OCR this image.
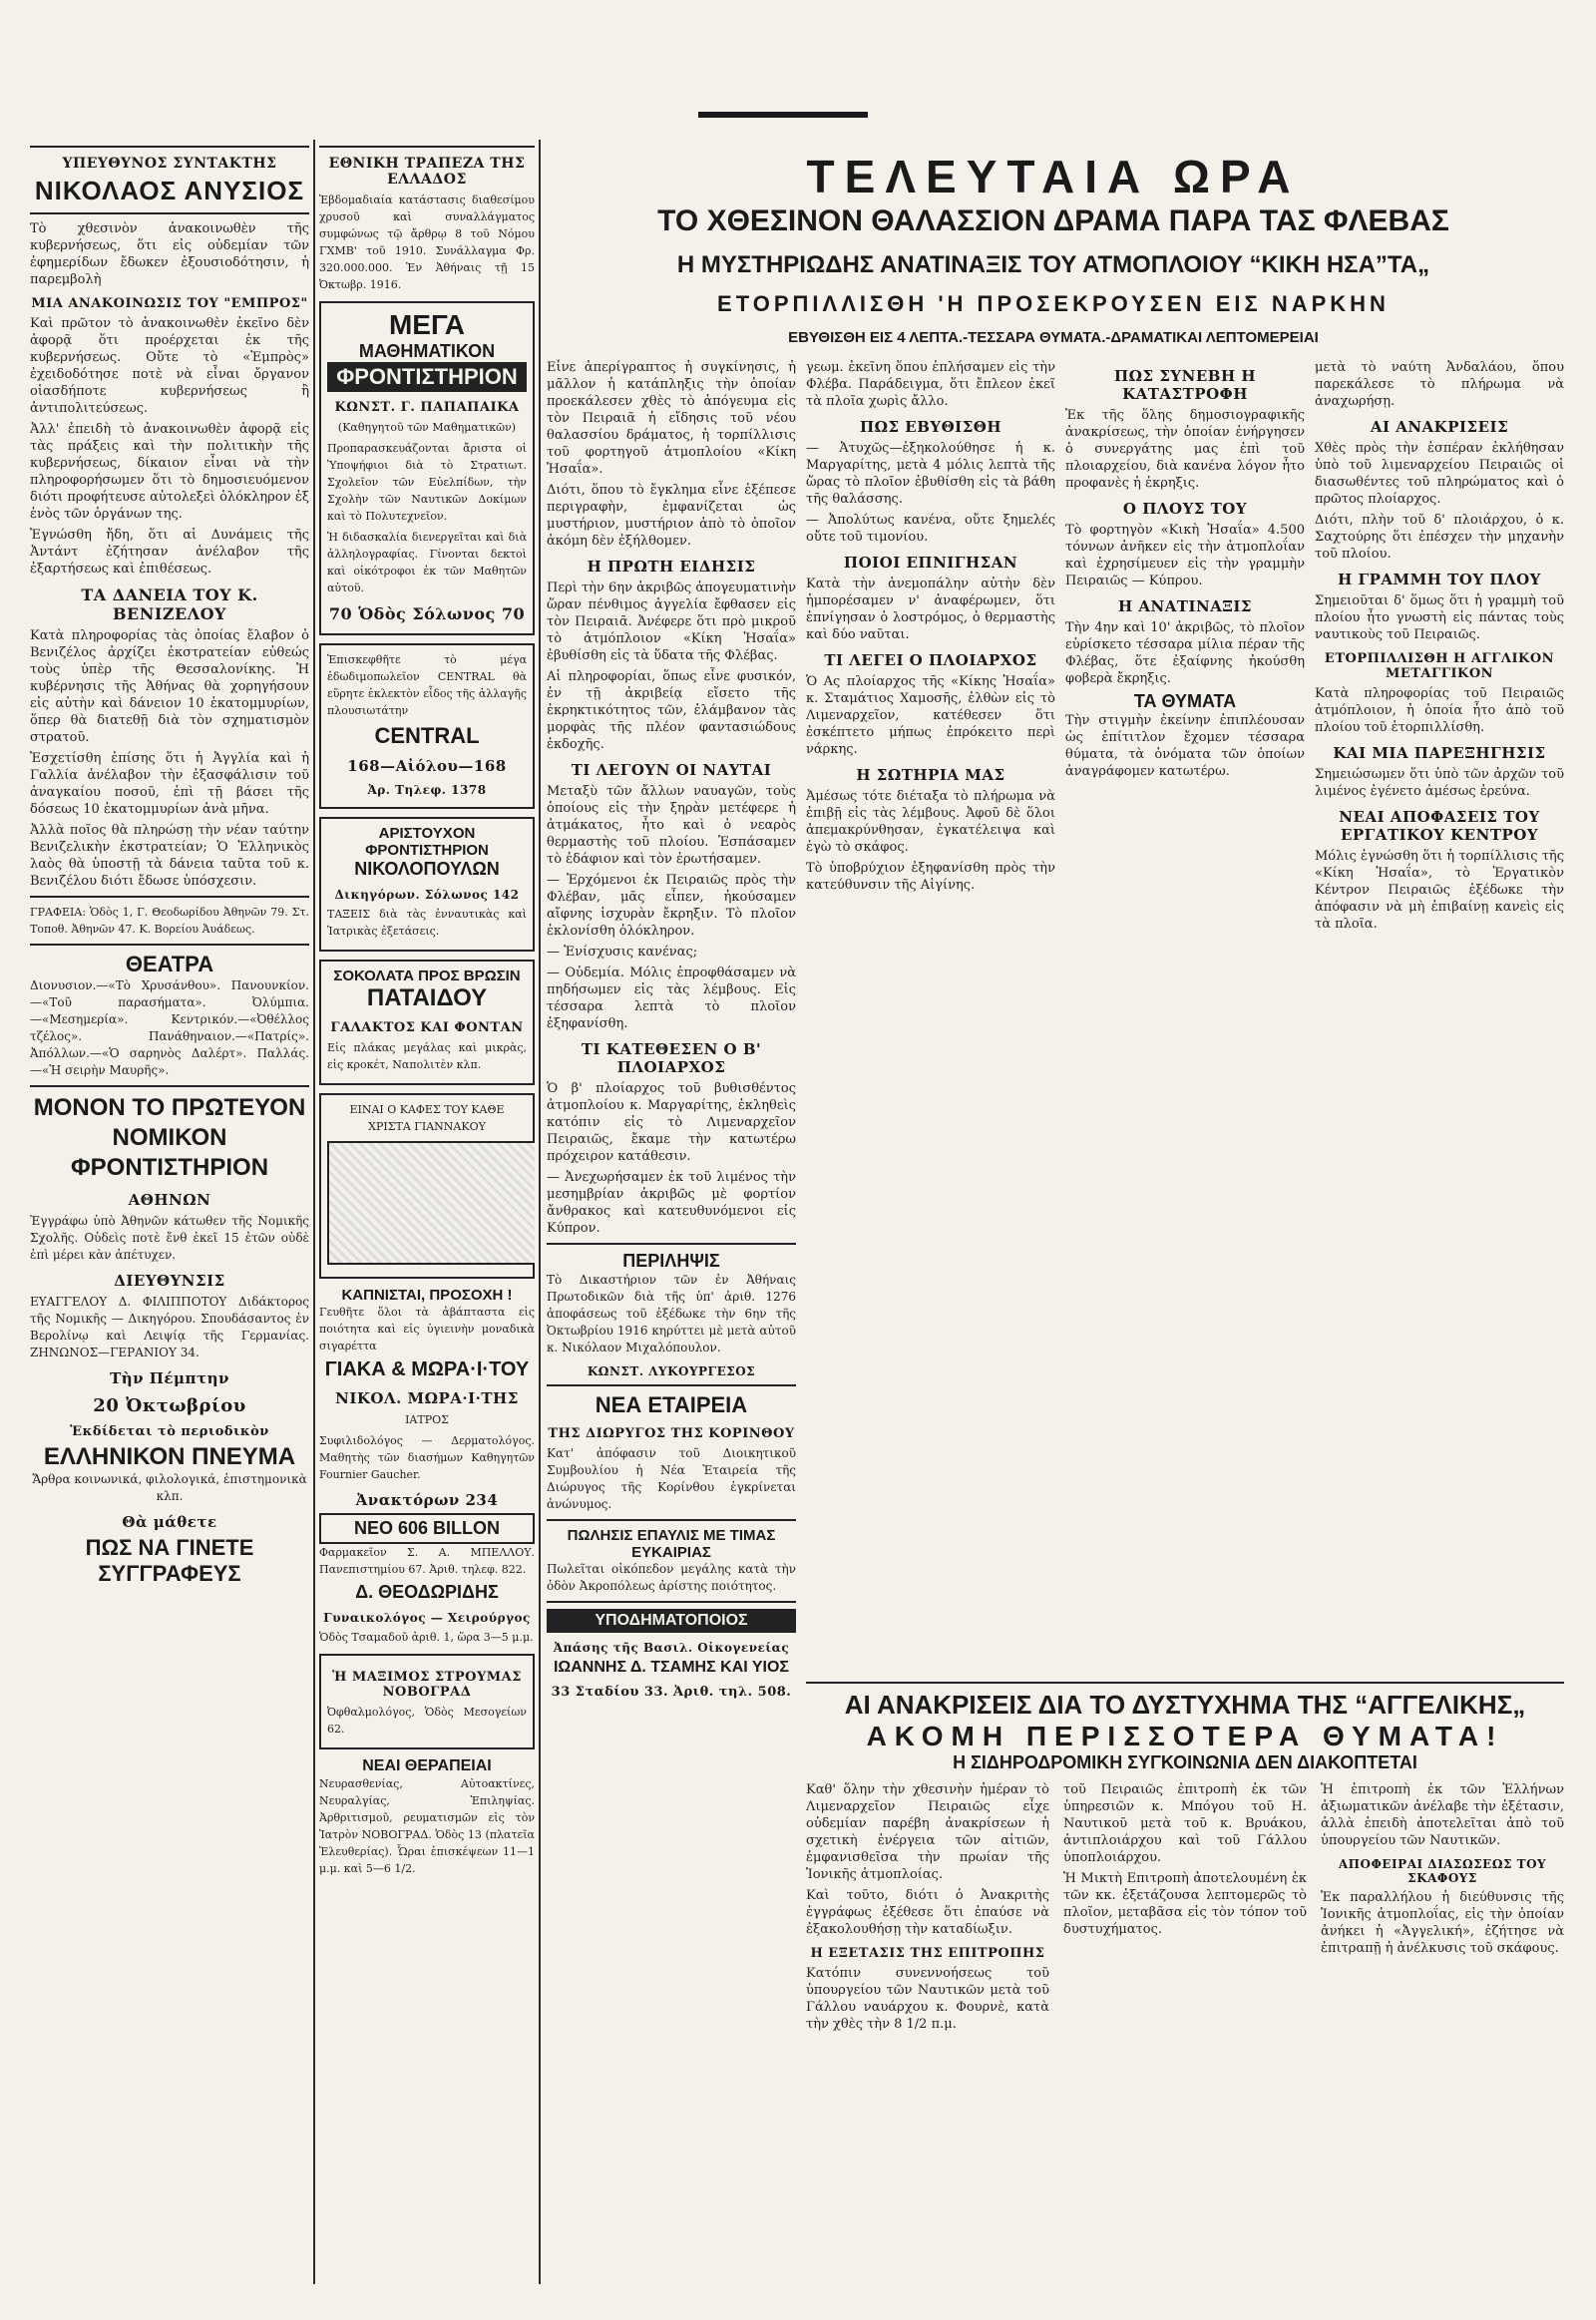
ΥΠΕΥΘΥΝΟΣ ΣΥΝΤΑΚΤΗΣ
ΝΙΚΟΛΑΟΣ ΑΝΥΣΙΟΣ

Τὸ χθεσινὸν ἀνακοινωθὲν τῆς κυβερνήσεως, ὅτι εἰς οὐδεμίαν τῶν ἐφημερίδων ἔδωκεν ἐξουσιοδότησιν, ἡ παρεμβολὴ

ΜΙΑ ΑΝΑΚΟΙΝΩΣΙΣ ΤΟΥ "ΕΜΠΡΟΣ"

Καὶ πρῶτον τὸ ἀνακοινωθὲν ἐκεῖνο δὲν ἀφορᾷ ὅτι προέρχεται ἐκ τῆς κυβερνήσεως. Οὔτε τὸ «Ἐμπρὸς» ἐχειδοδότησε ποτὲ νὰ εἶναι ὄργανον οἱασδήποτε κυβερνήσεως ἢ ἀντιπολιτεύσεως.

Ἀλλ' ἐπειδὴ τὸ ἀνακοινωθὲν ἀφορᾷ εἰς τὰς πράξεις καὶ τὴν πολιτικὴν τῆς κυβερνήσεως, δίκαιον εἶναι νὰ τὴν πληροφορήσωμεν ὅτι τὸ δημοσιευόμενον διότι προφήτευσε αὐτολεξεὶ ὁλόκληρον ἐξ ἑνὸς τῶν ὀργάνων της.

Ἐγνώσθη ἤδη, ὅτι αἱ Δυνάμεις τῆς Ἀντάντ ἐζήτησαν ἀνέλαβον τῆς ἐξαρτήσεως καὶ ἐπιθέσεως.

ΤΑ ΔΑΝΕΙΑ ΤΟΥ Κ. ΒΕΝΙΖΕΛΟΥ

Κατὰ πληροφορίας τὰς ὁποίας ἔλαβον ὁ Βενιζέλος ἀρχίζει ἐκστρατείαν εὐθεώς τοὺς ὑπὲρ τῆς Θεσσαλονίκης. Ἡ κυβέρνησις τῆς Ἀθήνας θὰ χορηγήσουν εἰς αὐτὴν καὶ δάνειον 10 ἑκατομμυρίων, ὅπερ θὰ διατεθῇ διὰ τὸν σχηματισμὸν στρατοῦ.

Ἐσχετίσθη ἐπίσης ὅτι ἡ Ἀγγλία καὶ ἡ Γαλλία ἀνέλαβον τὴν ἐξασφάλισιν τοῦ ἀναγκαίου ποσοῦ, ἐπὶ τῇ βάσει τῆς δόσεως 10 ἑκατομμυρίων ἀνὰ μῆνα.

Ἀλλὰ ποῖος θὰ πληρώσῃ τὴν νέαν ταύτην Βενιζελικὴν ἐκστρατείαν; Ὁ Ἑλληνικὸς λαὸς θὰ ὑποστῇ τὰ δάνεια ταῦτα τοῦ κ. Βενιζέλου διότι ἔδωσε ὑπόσχεσιν.

ΓΡΑΦΕΙΑ: Ὁδὸς 1, Γ. Θεοδωρίδου Ἀθηνῶν 79. Στ. Τοποθ. Ἀθηνῶν 47. Κ. Βορείου Ἀυάδεως.

ΘΕΑΤΡΑ

Διονυσιον.—«Τὸ Χρυσάνθου». Πανουνκίον.—«Τοῦ παρασήματα». Ὀλύμπια.—«Μεσημερία». Κεντρικόν.—«Ὀθέλλος τζέλος». Πανάθηναιον.—«Πατρίς». Ἀπόλλων.—«Ὁ σαρηνὸς Δαλέρτ». Παλλάς.—«Ἡ σειρὴν Μαυρῆς».

ΜΟΝΟΝ ΤΟ ΠΡΩΤΕΥΟΝ ΝΟΜΙΚΟΝ ΦΡΟΝΤΙΣΤΗΡΙΟΝ
ΑΘΗΝΩΝ

Ἐγγράφω ὑπὸ Ἀθηνῶν κάτωθεν τῆς Νομικῆς Σχολῆς. Οὐδεὶς ποτὲ ἔνθ ἐκεῖ 15 ἐτῶν οὐδὲ ἐπὶ μέρει κὰν ἀπέτυχεν.

ΔΙΕΥΘΥΝΣΙΣ

ΕΥΑΓΓΕΛΟΥ Δ. ΦΙΛΙΠΠΟΤΟΥ Διδάκτορος τῆς Νομικῆς — Δικηγόρου. Σπουδάσαντος ἐν Βερολίνῳ καὶ Λειψίᾳ τῆς Γερμανίας. ΖΗΝΩΝΟΣ—ΓΕΡΑΝΙΟΥ 34.

Τὴν Πέμπτην
20 Ὀκτωβρίου
Ἐκδίδεται τὸ περιοδικὸν
ΕΛΛΗΝΙΚΟΝ ΠΝΕΥΜΑ

Ἄρθρα κοινωνικά, φιλολογικά, ἐπιστημονικὰ κλπ.

Θὰ μάθετε
ΠΩΣ ΝΑ ΓΙΝΕΤΕ ΣΥΓΓΡΑΦΕΥΣ
ΕΘΝΙΚΗ ΤΡΑΠΕΖΑ ΤΗΣ ΕΛΛΑΔΟΣ

Ἑβδομαδιαία κατάστασις διαθεσίμου χρυσοῦ καὶ συναλλάγματος συμφώνως τῷ ἄρθρῳ 8 τοῦ Νόμου ΓΧΜΒ' τοῦ 1910. Συνάλλαγμα Φρ. 320.000.000. Ἐν Ἀθήναις τῇ 15 Ὀκτωβρ. 1916.

ΜΕΓΑ
ΜΑΘΗΜΑΤΙΚΟΝ
ΦΡΟΝΤΙΣΤΗΡΙΟΝ
ΚΩΝΣΤ. Γ. ΠΑΠΑΠΑΙΚΑ
(Καθηγητοῦ τῶν Μαθηματικῶν)

Προπαρασκευάζονται ἄριστα οἱ Ὑποψήφιοι διὰ τὸ Στρατιωτ. Σχολεῖον τῶν Εὐελπίδων, τὴν Σχολὴν τῶν Ναυτικῶν Δοκίμων καὶ τὸ Πολυτεχνεῖον.

Ἡ διδασκαλία διενεργεῖται καὶ διὰ ἀλληλογραφίας. Γίνονται δεκτοὶ καὶ οἰκότροφοι ἐκ τῶν Μαθητῶν αὐτοῦ.

70 Ὁδὸς Σόλωνος 70

Ἐπισκεφθῆτε τὸ μέγα ἐδωδιμοπωλεῖον CENTRAL θὰ εὕρητε ἐκλεκτὸν εἶδος τῆς ἀλλαγῆς πλουσιωτάτην

CENTRAL
168—Αἰόλου—168
Ἀρ. Τηλεφ. 1378
ΑΡΙΣΤΟΥΧΟΝ ΦΡΟΝΤΙΣΤΗΡΙΟΝ
ΝΙΚΟΛΟΠΟΥΛΩΝ
Δικηγόρων. Σόλωνος 142

ΤΑΞΕΙΣ διὰ τὰς ἐνναυτικὰς καὶ Ἰατρικὰς ἐξετάσεις.

ΣΟΚΟΛΑΤΑ ΠΡΟΣ ΒΡΩΣΙΝ
ΠΑΤΑΙΔΟΥ
ΓΑΛΑΚΤΟΣ ΚΑΙ ΦΟΝΤΑΝ

Εἰς πλάκας μεγάλας καὶ μικρὰς, εἰς κροκέτ, Ναπολιτὲν κλπ.

ΕΙΝΑΙ Ο ΚΑΦΕΣ ΤΟΥ ΚΑΘΕ ΧΡΙΣΤΑ ΓΙΑΝΝΑΚΟΥ
ΚΑΠΝΙΣΤΑΙ, ΠΡΟΣΟΧΗ !

Γευθῆτε ὅλοι τὰ ἀβάπταστα εἰς ποιότητα καὶ εἰς ὑγιεινὴν μοναδικὰ σιγαρέττα

ΓΙΑΚΑ & ΜΩΡΑ·Ι·ΤΟΥ
ΝΙΚΟΛ. ΜΩΡΑ·Ι·ΤΗΣ
ΙΑΤΡΟΣ

Συφιλιδολόγος — Δερματολόγος. Μαθητὴς τῶν διασήμων Καθηγητῶν Fournier Gaucher.

Ἀνακτόρων 234
ΝΕΟ 606 BILLON

Φαρμακεῖον Σ. Α. ΜΠΕΛΛΟΥ. Πανεπιστημίου 67. Ἀριθ. τηλεφ. 822.

Δ. ΘΕΟΔΩΡΙΔΗΣ
Γυναικολόγος — Χειρούργος
Ὁδὸς Τσαμαδοῦ ἀριθ. 1, ὥρα 3—5 μ.μ.
Ἡ ΜΑΞΙΜΟΣ ΣΤΡΟΥΜΑΣ ΝΟΒΟΓΡΑΔ
Ὀφθαλμολόγος, Ὁδὸς Μεσογείων 62.
ΝΕΑΙ ΘΕΡΑΠΕΙΑΙ

Νευρασθενίας, Αὐτοακτίνες, Νευραλγίας, Ἐπιληψίας. Ἀρθριτισμοῦ, ρευματισμῶν εἰς τὸν Ἰατρὸν ΝΟΒΟΓΡΑΔ. Ὁδὸς 13 (πλατεῖα Ἐλευθερίας). Ὧραι ἐπισκέψεων 11—1 μ.μ. καὶ 5—6 1/2.

ΤΕΛΕΥΤΑΙΑ ΩΡΑ
ΤΟ ΧΘΕΣΙΝΟΝ ΘΑΛΑΣΣΙΟΝ ΔΡΑΜΑ ΠΑΡΑ ΤΑΣ ΦΛΕΒΑΣ
Η ΜΥΣΤΗΡΙΩΔΗΣ ΑΝΑΤΙΝΑΞΙΣ ΤΟΥ ΑΤΜΟΠΛΟΙΟΥ “ΚΙΚΗ ΗΣΑ”ΤΑ„
ΕΤΟΡΠΙΛΛΙΣΘΗ 'Η ΠΡΟΣΕΚΡΟΥΣΕΝ ΕΙΣ ΝΑΡΚΗΝ
ΕΒΥΘΙΣΘΗ ΕΙΣ 4 ΛΕΠΤΑ.-ΤΕΣΣΑΡΑ ΘΥΜΑΤΑ.-ΔΡΑΜΑΤΙΚΑΙ ΛΕΠΤΟΜΕΡΕΙΑΙ

Εἶνε ἀπερίγραπτος ἡ συγκίνησις, ἡ μᾶλλον ἡ κατάπληξις τὴν ὁποίαν προεκάλεσεν χθὲς τὸ ἀπόγευμα εἰς τὸν Πειραιᾶ ἡ εἴδησις τοῦ νέου θαλασσίου δράματος, ἡ τορπίλλισις τοῦ φορτηγοῦ ἀτμοπλοίου «Κίκη Ἡσαΐα».

Διότι, ὅπου τὸ ἔγκλημα εἶνε ἐξέπεσε περιγραφὴν, ἐμφανίζεται ὡς μυστήριον, μυστήριον ἀπὸ τὸ ὁποῖον ἀκόμη δὲν ἐξήλθομεν.

Η ΠΡΩΤΗ ΕΙΔΗΣΙΣ

Περὶ τὴν 6ην ἀκριβῶς ἀπογευματινὴν ὥραν πένθιμος ἀγγελία ἔφθασεν εἰς τὸν Πειραιᾶ. Ἀνέφερε ὅτι πρὸ μικροῦ τὸ ἀτμόπλοιον «Κίκη Ἡσαΐα» ἐβυθίσθη εἰς τὰ ὕδατα τῆς Φλέβας.

Αἱ πληροφορίαι, ὅπως εἶνε φυσικόν, ἐν τῇ ἀκριβείᾳ εἴσετο τῆς ἐκρηκτικότητος τῶν, ἐλάμβανον τὰς μορφὰς τῆς πλέον φαντασιώδους ἐκδοχῆς.

ΤΙ ΛΕΓΟΥΝ ΟΙ ΝΑΥΤΑΙ

Μεταξὺ τῶν ἄλλων ναυαγῶν, τοὺς ὁποίους εἰς τὴν ξηρὰν μετέφερε ἡ ἀτμάκατος, ἦτο καὶ ὁ νεαρὸς θερμαστὴς τοῦ πλοίου. Ἐσπάσαμεν τὸ ἐδάφιον καὶ τὸν ἐρωτήσαμεν.

— Ἐρχόμενοι ἐκ Πειραιῶς πρὸς τὴν Φλέβαν, μᾶς εἶπεν, ἠκούσαμεν αἴφνης ἰσχυρὰν ἔκρηξιν. Τὸ πλοῖον ἐκλονίσθη ὁλόκληρον.

— Ἐνίσχυσις κανένας;

— Οὐδεμία. Μόλις ἐπροφθάσαμεν νὰ πηδήσωμεν εἰς τὰς λέμβους. Εἰς τέσσαρα λεπτὰ τὸ πλοῖον ἐξηφανίσθη.

ΤΙ ΚΑΤΕΘΕΣΕΝ Ο Β' ΠΛΟΙΑΡΧΟΣ

Ὁ β' πλοίαρχος τοῦ βυθισθέντος ἀτμοπλοίου κ. Μαργαρίτης, ἐκληθεὶς κατόπιν εἰς τὸ Λιμεναρχεῖον Πειραιῶς, ἔκαμε τὴν κατωτέρω πρόχειρον κατάθεσιν.

— Ἀνεχωρήσαμεν ἐκ τοῦ λιμένος τὴν μεσημβρίαν ἀκριβῶς μὲ φορτίον ἄνθρακος καὶ κατευθυνόμενοι εἰς Κύπρον.

ΠΕΡΙΛΗΨΙΣ

Τὸ Δικαστήριον τῶν ἐν Ἀθήναις Πρωτοδικῶν διὰ τῆς ὑπ' ἀριθ. 1276 ἀποφάσεως τοῦ ἐξέδωκε τὴν 6ην τῆς Ὀκτωβρίου 1916 κηρύττει μὲ μετὰ αὐτοῦ κ. Νικόλαον Μιχαλόπουλον.

ΚΩΝΣΤ. ΛΥΚΟΥΡΓΕΣΟΣ
ΝΕΑ ΕΤΑΙΡΕΙΑ
ΤΗΣ ΔΙΩΡΥΓΟΣ ΤΗΣ ΚΟΡΙΝΘΟΥ

Κατ' ἀπόφασιν τοῦ Διοικητικοῦ Συμβουλίου ἡ Νέα Ἑταιρεία τῆς Διώρυγος τῆς Κορίνθου ἐγκρίνεται ἀνώνυμος.

ΠΩΛΗΣΙΣ ΕΠΑΥΛΙΣ ΜΕ ΤΙΜΑΣ ΕΥΚΑΙΡΙΑΣ

Πωλεῖται οἰκόπεδον μεγάλης κατὰ τὴν ὁδὸν Ἀκροπόλεως ἀρίστης ποιότητος.

ΥΠΟΔΗΜΑΤΟΠΟΙΟΣ
Ἀπάσης τῆς Βασιλ. Οἰκογενείας
ΙΩΑΝΝΗΣ Δ. ΤΣΑΜΗΣ ΚΑΙ ΥΙΟΣ
33 Σταδίου 33. Ἀριθ. τηλ. 508.

γεωμ. ἐκεῖνη ὅπου ἐπλήσαμεν εἰς τὴν Φλέβα. Παράδειγμα, ὅτι ἔπλεον ἐκεῖ τὰ πλοῖα χωρὶς ἄλλο.

ΠΩΣ ΕΒΥΘΙΣΘΗ

— Ἀτυχῶς—ἐξηκολούθησε ἡ κ. Μαργαρίτης, μετὰ 4 μόλις λεπτὰ τῆς ὥρας τὸ πλοῖον ἐβυθίσθη εἰς τὰ βάθη τῆς θαλάσσης.

— Ἀπολύτως κανένα, οὔτε ξημελές οὔτε τοῦ τιμονίου.

ΠΟΙΟΙ ΕΠΝΙΓΗΣΑΝ

Κατὰ τὴν ἀνεμοπάλην αὐτὴν δὲν ἠμπορέσαμεν ν' ἀναφέρωμεν, ὅτι ἐπνίγησαν ὁ λοστρόμος, ὁ θερμαστὴς καὶ δύο ναῦται.

ΤΙ ΛΕΓΕΙ Ο ΠΛΟΙΑΡΧΟΣ

Ὁ Ας πλοίαρχος τῆς «Κίκης Ἡσαΐα» κ. Σταμάτιος Χαμοσῆς, ἐλθὼν εἰς τὸ Λιμεναρχεῖον, κατέθεσεν ὅτι ἐσκέπτετο μήπως ἐπρόκειτο περὶ νάρκης.

Η ΣΩΤΗΡΙΑ ΜΑΣ

Ἀμέσως τότε διέταξα τὸ πλήρωμα νὰ ἐπιβῇ εἰς τὰς λέμβους. Ἀφοῦ δὲ ὅλοι ἀπεμακρύνθησαν, ἐγκατέλειψα καὶ ἐγὼ τὸ σκάφος.

Τὸ ὑποβρύχιον ἐξηφανίσθη πρὸς τὴν κατεύθυνσιν τῆς Αἰγίνης.

ΠΩΣ ΣΥΝΕΒΗ Η ΚΑΤΑΣΤΡΟΦΗ

Ἐκ τῆς ὅλης δημοσιογραφικῆς ἀνακρίσεως, τὴν ὁποίαν ἐνήργησεν ὁ συνεργάτης μας ἐπὶ τοῦ πλοιαρχείου, διὰ κανένα λόγον ἦτο προφανὲς ἡ ἐκρηξις.

Ο ΠΛΟΥΣ ΤΟΥ

Τὸ φορτηγὸν «Κικὴ Ἡσαΐα» 4.500 τόννων ἀνῆκεν εἰς τὴν ἀτμοπλοΐαν καὶ ἐχρησίμευεν εἰς τὴν γραμμὴν Πειραιῶς — Κύπρου.

Η ΑΝΑΤΙΝΑΞΙΣ

Τὴν 4ην καὶ 10' ἀκριβῶς, τὸ πλοῖον εὑρίσκετο τέσσαρα μίλια πέραν τῆς Φλέβας, ὅτε ἐξαίφνης ἠκούσθη φοβερὰ ἔκρηξις.

ΤΑ ΘΥΜΑΤΑ

Τὴν στιγμὴν ἐκείνην ἐπιπλέουσαν ὡς ἐπίτιτλον ἔχομεν τέσσαρα θύματα, τὰ ὀνόματα τῶν ὁποίων ἀναγράφομεν κατωτέρω.

μετὰ τὸ ναύτη Ἀνδαλάου, ὅπου παρεκάλεσε τὸ πλήρωμα νὰ ἀναχωρήσῃ.

ΑΙ ΑΝΑΚΡΙΣΕΙΣ

Χθὲς πρὸς τὴν ἑσπέραν ἐκλήθησαν ὑπὸ τοῦ λιμεναρχείου Πειραιῶς οἱ διασωθέντες τοῦ πληρώματος καὶ ὁ πρῶτος πλοίαρχος.

Διότι, πλὴν τοῦ δ' πλοιάρχου, ὁ κ. Σαχτούρης ὅτι ἐπέσχεν τὴν μηχανὴν τοῦ πλοίου.

Η ΓΡΑΜΜΗ ΤΟΥ ΠΛΟΥ

Σημειοῦται δ' ὅμως ὅτι ἡ γραμμὴ τοῦ πλοίου ἦτο γνωστὴ εἰς πάντας τοὺς ναυτικοὺς τοῦ Πειραιῶς.

ΕΤΟΡΠΙΛΛΙΣΘΗ Η ΑΓΓΛΙΚΟΝ ΜΕΤΑΓΓΙΚΟΝ

Κατὰ πληροφορίας τοῦ Πειραιῶς ἀτμόπλοιον, ἡ ὁποία ἦτο ἀπὸ τοῦ πλοίου τοῦ ἐτορπιλλίσθη.

ΚΑΙ ΜΙΑ ΠΑΡΕΞΗΓΗΣΙΣ

Σημειώσωμεν ὅτι ὑπὸ τῶν ἀρχῶν τοῦ λιμένος ἐγένετο ἀμέσως ἐρεύνα.

ΝΕΑΙ ΑΠΟΦΑΣΕΙΣ ΤΟΥ ΕΡΓΑΤΙΚΟΥ ΚΕΝΤΡΟΥ

Μόλις ἐγνώσθη ὅτι ἡ τορπίλλισις τῆς «Κίκη Ἡσαΐα», τὸ Ἐργατικὸν Κέντρον Πειραιῶς ἐξέδωκε τὴν ἀπόφασιν νὰ μὴ ἐπιβαίνῃ κανεὶς εἰς τὰ πλοῖα.

ΑΙ ΑΝΑΚΡΙΣΕΙΣ ΔΙΑ ΤΟ ΔΥΣΤΥΧΗΜΑ ΤΗΣ “ΑΓΓΕΛΙΚΗΣ„
ΑΚΟΜΗ ΠΕΡΙΣΣΟΤΕΡΑ ΘΥΜΑΤΑ!
Η ΣΙΔΗΡΟΔΡΟΜΙΚΗ ΣΥΓΚΟΙΝΩΝΙΑ ΔΕΝ ΔΙΑΚΟΠΤΕΤΑΙ

Καθ' ὅλην τὴν χθεσινὴν ἡμέραν τὸ Λιμεναρχεῖον Πειραιῶς εἶχε οὐδεμίαν παρέβη ἀνακρίσεων ἡ σχετικὴ ἐνέργεια τῶν αἰτιῶν, ἐμφανισθεῖσα τὴν πρωίαν τῆς Ἰονικῆς ἀτμοπλοίας.

Καὶ τοῦτο, διότι ὁ Ἀνακριτὴς ἐγγράφως ἐξέθεσε ὅτι ἐπαύσε νὰ ἐξακολουθήσῃ τὴν καταδίωξιν.

Η ΕΞΕΤΑΣΙΣ ΤΗΣ ΕΠΙΤΡΟΠΗΣ

Κατόπιν συνεννοήσεως τοῦ ὑπουργείου τῶν Ναυτικῶν μετὰ τοῦ Γάλλου ναυάρχου κ. Φουρνὲ, κατὰ τὴν χθὲς τὴν 8 1/2 π.μ.

τοῦ Πειραιῶς ἐπιτροπὴ ἐκ τῶν ὑπηρεσιῶν κ. Μπόγου τοῦ Η. Ναυτικοῦ μετὰ τοῦ κ. Βρυάκου, ἀντιπλοιάρχου καὶ τοῦ Γάλλου ὑποπλοιάρχου.

Ἡ Μικτὴ Επιτροπὴ ἀποτελουμένη ἐκ τῶν κκ. ἐξετάζουσα λεπτομερῶς τὸ πλοῖον, μεταβᾶσα εἰς τὸν τόπον τοῦ δυστυχήματος.

Ἡ ἐπιτροπὴ ἐκ τῶν Ἑλλήνων ἀξιωματικῶν ἀνέλαβε τὴν ἐξέτασιν, ἀλλὰ ἐπειδὴ ἀποτελεῖται ἀπὸ τοῦ ὑπουργείου τῶν Ναυτικῶν.

ΑΠΟΦΕΙΡΑΙ ΔΙΑΣΩΣΕΩΣ ΤΟΥ ΣΚΑΦΟΥΣ

Ἐκ παραλλήλου ἡ διεύθυνσις τῆς Ἰονικῆς ἀτμοπλοΐας, εἰς τὴν ὁποίαν ἀνήκει ἡ «Ἀγγελική», ἐζήτησε νὰ ἐπιτραπῇ ἡ ἀνέλκυσις τοῦ σκάφους.
